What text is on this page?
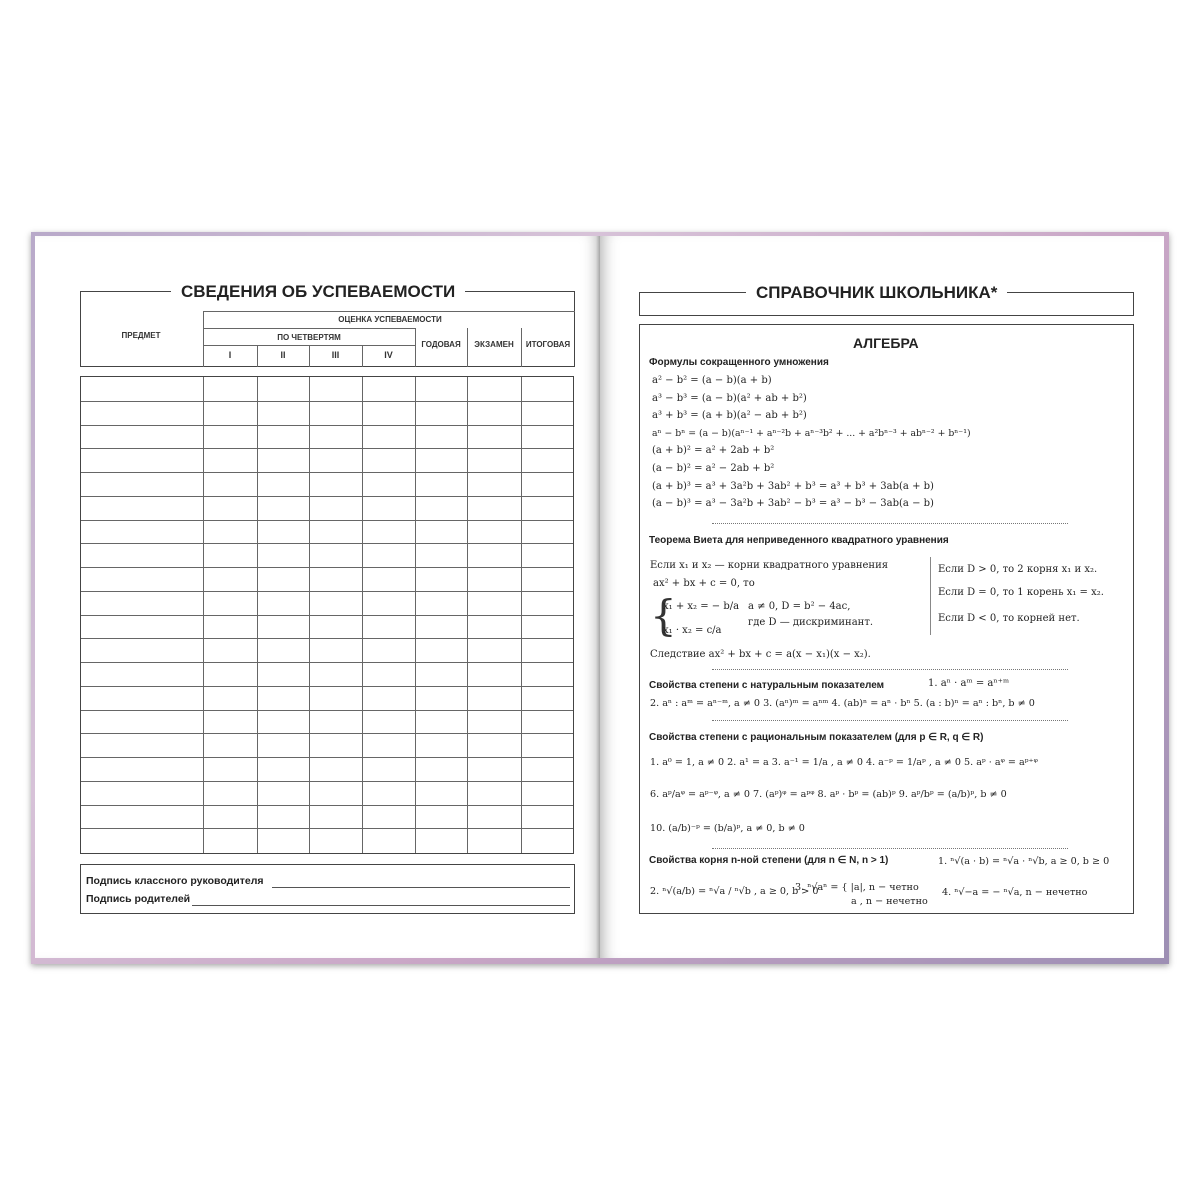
СВЕДЕНИЯ ОБ УСПЕВАЕМОСТИ
ПРЕДМЕТ
ОЦЕНКА УСПЕВАЕМОСТИ
ПО ЧЕТВЕРТЯМ
I	II	III	IV
ГОДОВАЯ	ЭКЗАМЕН	ИТОГОВАЯ
Подпись классного руководителя
Подпись родителей
СПРАВОЧНИК ШКОЛЬНИКА*
АЛГЕБРА
Формулы сокращенного умножения
a² − b² = (a − b)(a + b)
a³ − b³ = (a − b)(a² + ab + b²)
a³ + b³ = (a + b)(a² − ab + b²)
aⁿ − bⁿ = (a − b)(aⁿ⁻¹ + aⁿ⁻²b + aⁿ⁻³b² + ... + a²bⁿ⁻³ + abⁿ⁻² + bⁿ⁻¹)
(a + b)² = a² + 2ab + b²
(a − b)² = a² − 2ab + b²
(a + b)³ = a³ + 3a²b + 3ab² + b³ = a³ + b³ + 3ab(a + b)
(a − b)³ = a³ − 3a²b + 3ab² − b³ = a³ − b³ − 3ab(a − b)
Теорема Виета для неприведенного квадратного уравнения
Если x₁ и x₂ — корни квадратного уравнения
ax² + bx + c = 0, то
{
x₁ + x₂ = − b/a
x₁ · x₂ = c/a
a ≠ 0, D = b² − 4ac,
где D — дискриминант.
Если D > 0, то 2 корня x₁ и x₂.
Если D = 0, то 1 корень x₁ = x₂.
Если D < 0, то корней нет.
Следствие ax² + bx + c = a(x − x₁)(x − x₂).
Свойства степени с натуральным показателем	1. aⁿ · aᵐ = aⁿ⁺ᵐ
2. aⁿ : aᵐ = aⁿ⁻ᵐ, a ≠ 0 3. (aⁿ)ᵐ = aⁿᵐ 4. (ab)ⁿ = aⁿ · bⁿ 5. (a : b)ⁿ = aⁿ : bⁿ, b ≠ 0
Свойства степени с рациональным показателем (для p ∈ R, q ∈ R)
1. a⁰ = 1, a ≠ 0 2. a¹ = a 3. a⁻¹ = 1/a , a ≠ 0 4. a⁻ᵖ = 1/aᵖ , a ≠ 0 5. aᵖ · aᵠ = aᵖ⁺ᵠ
6. aᵖ/aᵠ = aᵖ⁻ᵠ, a ≠ 0 7. (aᵖ)ᵠ = aᵖᵠ 8. aᵖ · bᵖ = (ab)ᵖ 9. aᵖ/bᵖ = (a/b)ᵖ, b ≠ 0
10. (a/b)⁻ᵖ = (b/a)ᵖ, a ≠ 0, b ≠ 0
Свойства корня n-ной степени (для n ∈ N, n > 1)	1. ⁿ√(a · b) = ⁿ√a · ⁿ√b, a ≥ 0, b ≥ 0
2. ⁿ√(a/b) = ⁿ√a / ⁿ√b , a ≥ 0, b > 0
3. ⁿ√aⁿ = { |a|, n − четно
a , n − нечетно
4. ⁿ√−a = − ⁿ√a, n − нечетно
